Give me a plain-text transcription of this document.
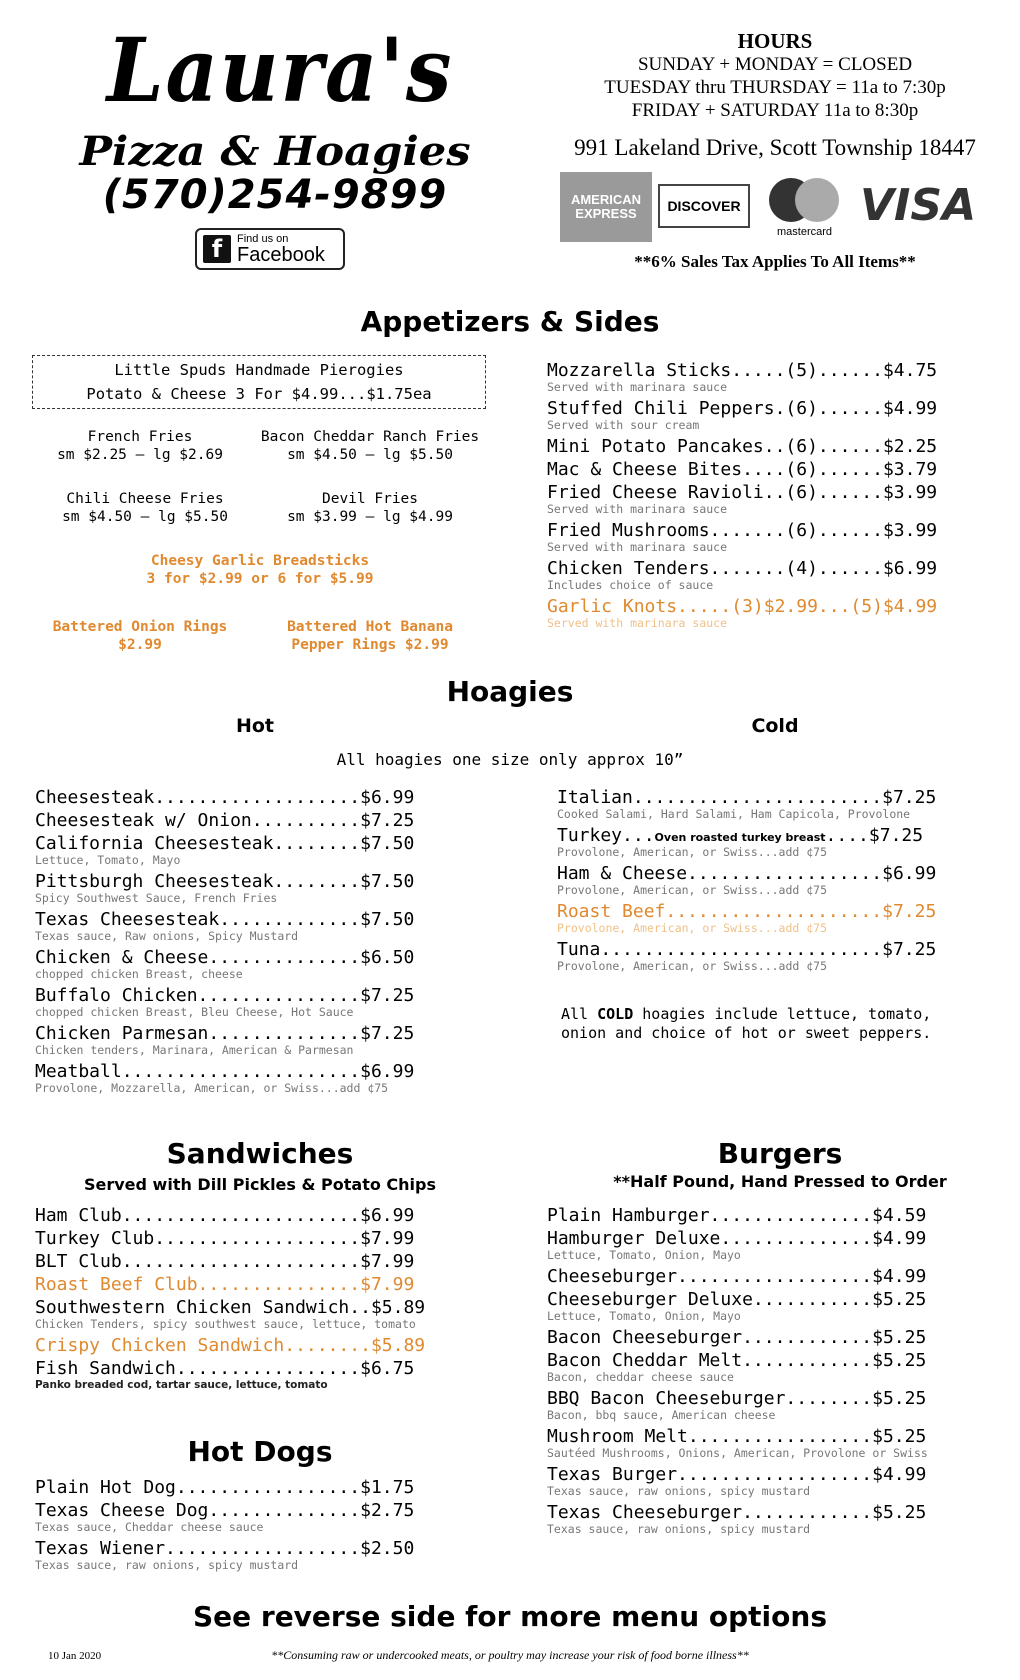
Laura's
Pizza & Hoagies
(570)254-9899
f	Find us on
Facebook
HOURS
SUNDAY + MONDAY = CLOSED
TUESDAY thru THURSDAY = 11a to 7:30p
FRIDAY + SATURDAY 11a to 8:30p
991 Lakeland Drive, Scott Township 18447
AMERICAN
EXPRESS	DISCOVER
mastercard
VISA
**6% Sales Tax Applies To All Items**
Appetizers & Sides
Little Spuds Handmade Pierogies
Potato & Cheese 3 For $4.99...$1.75ea
French Fries
sm $2.25 – lg $2.69
Bacon Cheddar Ranch Fries
sm $4.50 – lg $5.50
Chili Cheese Fries
sm $4.50 – lg $5.50
Devil Fries
sm $3.99 – lg $4.99
Cheesy Garlic Breadsticks
3 for $2.99 or 6 for $5.99
Battered Onion Rings
$2.99
Battered Hot Banana
Pepper Rings $2.99
Mozzarella Sticks.....(5)......$4.75
Served with marinara sauce
Stuffed Chili Peppers.(6)......$4.99
Served with sour cream
Mini Potato Pancakes..(6)......$2.25
Mac & Cheese Bites....(6)......$3.79
Fried Cheese Ravioli..(6)......$3.99
Served with marinara sauce
Fried Mushrooms.......(6)......$3.99
Served with marinara sauce
Chicken Tenders.......(4)......$6.99
Includes choice of sauce
Garlic Knots.....(3)$2.99...(5)$4.99
Served with marinara sauce
Hoagies
Hot	Cold
All hoagies one size only approx 10”
Cheesesteak...................$6.99
Cheesesteak w/ Onion..........$7.25
California Cheesesteak........$7.50
Lettuce, Tomato, Mayo
Pittsburgh Cheesesteak........$7.50
Spicy Southwest Sauce, French Fries
Texas Cheesesteak.............$7.50
Texas sauce, Raw onions, Spicy Mustard
Chicken & Cheese..............$6.50
chopped chicken Breast, cheese
Buffalo Chicken...............$7.25
chopped chicken Breast, Bleu Cheese, Hot Sauce
Chicken Parmesan..............$7.25
Chicken tenders, Marinara, American & Parmesan
Meatball......................$6.99
Provolone, Mozzarella, American, or Swiss...add ¢75
Italian.......................$7.25
Cooked Salami, Hard Salami, Ham Capicola, Provolone
Turkey...Oven roasted turkey breast....$7.25
Provolone, American, or Swiss...add ¢75
Ham & Cheese..................$6.99
Provolone, American, or Swiss...add ¢75
Roast Beef....................$7.25
Provolone, American, or Swiss...add ¢75
Tuna..........................$7.25
Provolone, American, or Swiss...add ¢75
All COLD hoagies include lettuce, tomato,
onion and choice of hot or sweet peppers.
Sandwiches
Served with Dill Pickles & Potato Chips
Ham Club......................$6.99
Turkey Club...................$7.99
BLT Club......................$7.99
Roast Beef Club...............$7.99
Southwestern Chicken Sandwich..$5.89
Chicken Tenders, spicy southwest sauce, lettuce, tomato
Crispy Chicken Sandwich........$5.89
Fish Sandwich.................$6.75
Panko breaded cod, tartar sauce, lettuce, tomato
Hot Dogs
Plain Hot Dog.................$1.75
Texas Cheese Dog..............$2.75
Texas sauce, Cheddar cheese sauce
Texas Wiener..................$2.50
Texas sauce, raw onions, spicy mustard
Burgers
**Half Pound, Hand Pressed to Order
Plain Hamburger...............$4.59
Hamburger Deluxe..............$4.99
Lettuce, Tomato, Onion, Mayo
Cheeseburger..................$4.99
Cheeseburger Deluxe...........$5.25
Lettuce, Tomato, Onion, Mayo
Bacon Cheeseburger............$5.25
Bacon Cheddar Melt............$5.25
Bacon, cheddar cheese sauce
BBQ Bacon Cheeseburger........$5.25
Bacon, bbq sauce, American cheese
Mushroom Melt.................$5.25
Sautéed Mushrooms, Onions, American, Provolone or Swiss
Texas Burger..................$4.99
Texas sauce, raw onions, spicy mustard
Texas Cheeseburger............$5.25
Texas sauce, raw onions, spicy mustard
See reverse side for more menu options
**Consuming raw or undercooked meats, or poultry may increase your risk of food borne illness**
10 Jan 2020
